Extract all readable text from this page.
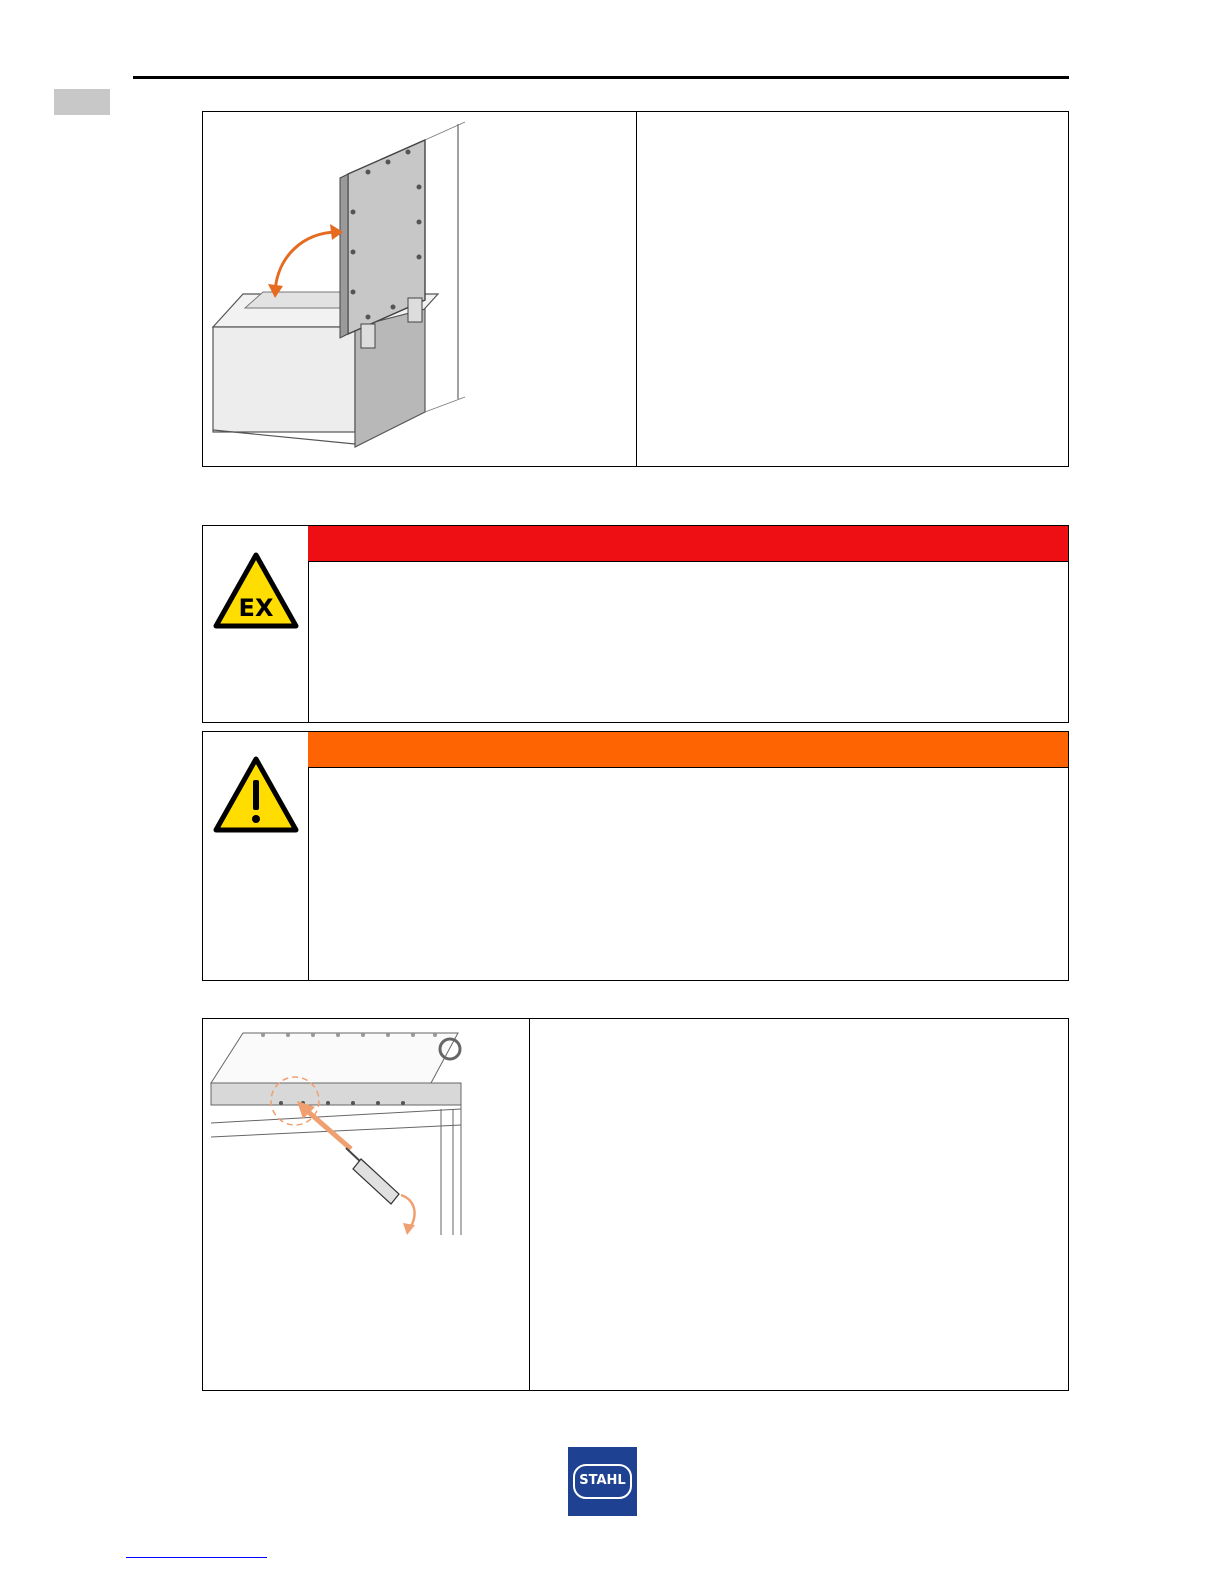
EX
STAHL
